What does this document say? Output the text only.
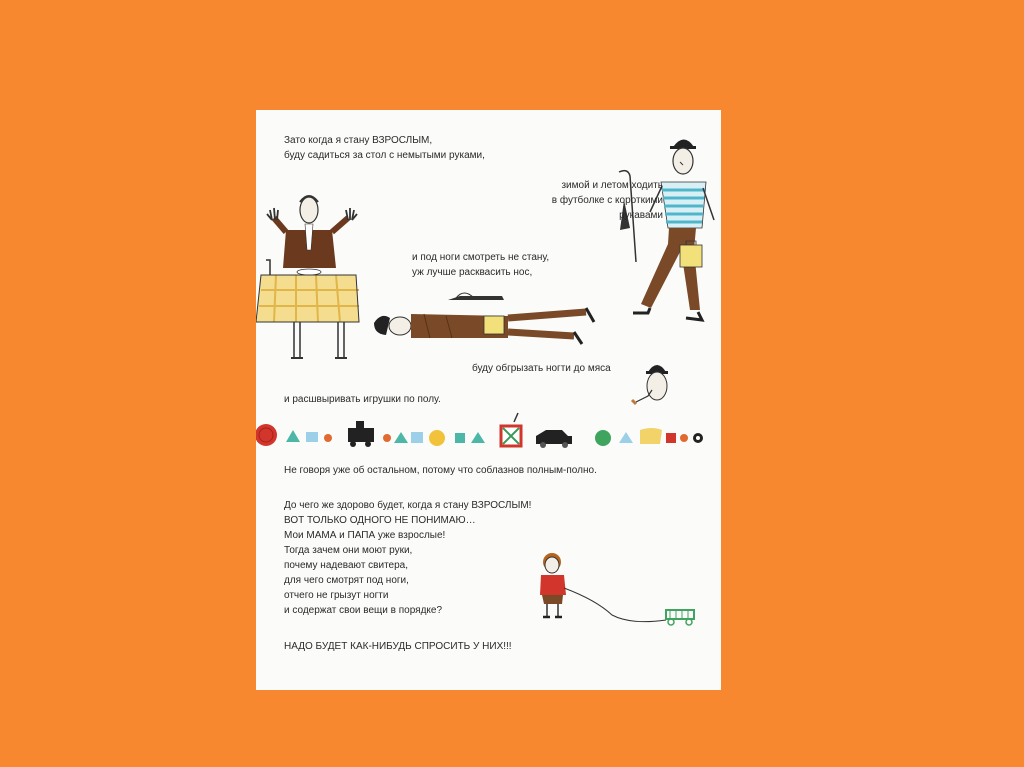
Зато когда я стану ВЗРОСЛЫМ,
буду садиться за стол с немытыми руками,
зимой и летом ходить
в футболке с короткими
рукавами
и под ноги смотреть не стану,
уж лучше расквасить нос,
буду обгрызать ногти до мяса
и расшвыривать игрушки по полу.
Не говоря уже об остальном, потому что соблазнов полным-полно.
До чего же здорово будет, когда я стану ВЗРОСЛЫМ!
ВОТ ТОЛЬКО ОДНОГО НЕ ПОНИМАЮ…
Мои МАМА и ПАПА уже взрослые!
Тогда зачем они моют руки,
почему надевают свитера,
для чего смотрят под ноги,
отчего не грызут ногти
и содержат свои вещи в порядке?
НАДО БУДЕТ КАК-НИБУДЬ СПРОСИТЬ У НИХ!!!
